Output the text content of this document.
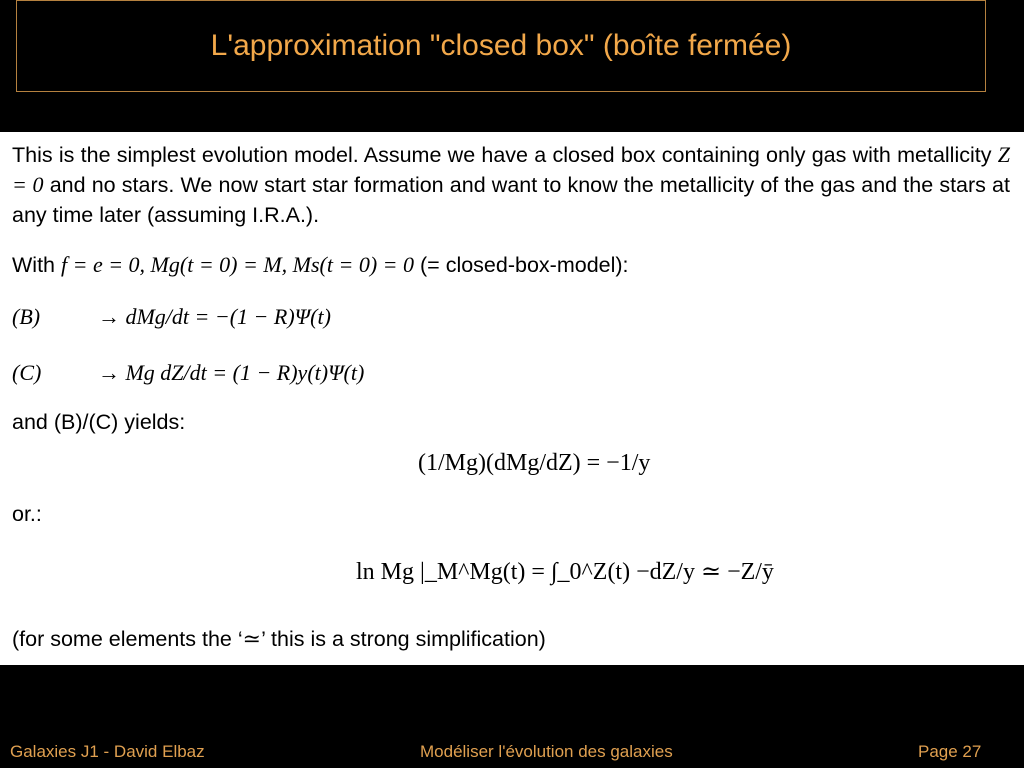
L'approximation "closed box" (boîte fermée)
This is the simplest evolution model. Assume we have a closed box containing only gas with metallicity Z = 0 and no stars. We now start star formation and want to know the metallicity of the gas and the stars at any time later (assuming I.R.A.).
With f = e = 0, Mg(t = 0) = M, Ms(t = 0) = 0 (= closed-box-model):
(B)	→ dMg/dt = −(1 − R)Ψ(t)
(C)	→ Mg dZ/dt = (1 − R)y(t)Ψ(t)
and (B)/(C) yields:
(1/Mg)(dMg/dZ) = −1/y
or.:
ln Mg |_M^Mg(t) = ∫_0^Z(t) −dZ/y ≃ −Z/ȳ
(for some elements the ‘≃’ this is a strong simplification)
Galaxies J1 - David Elbaz	Modéliser l'évolution des galaxies	Page 27
